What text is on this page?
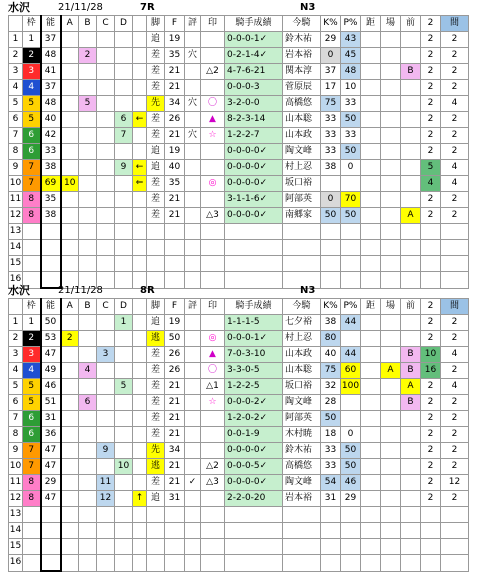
水沢	21/11/28	7R	N3
	枠	能	A	B	C	D		脚	F	評	印	騎手成績	今騎	K%	P%	距	場	前	2	間
1	1	37						追	19			0-0-0-1✓	鈴木祐	29	43				2	2
2	2	48		2				差	35	穴		0-2-1-4✓	岩本裕	0	45				2	2
3	3	41						差	21		△2	4-7-6-21	関本淳	37	48			B	2	2
4	4	37						差	21			0-0-0-3	菅原辰	17	10				2	2
5	5	48		5				先	34	穴	〇	3-2-0-0	高橋悠	75	33				2	4
6	5	40				6	←	差	26		▲	8-2-3-14	山本聡	33	50				2	2
7	6	42				7		差	21	穴	☆	1-2-2-7	山本政	33	33				2	2
8	6	33						追	19			0-0-0-0✓	陶文峰	33	50				2	2
9	7	38				9	←	追	40			0-0-0-0✓	村上忍	38	0				5	4
10	7	69	10				⇐	差	35		◎	0-0-0-0✓	坂口裕						4	4
11	8	35						差	21			3-1-1-6✓	阿部英	0	70				2	2
12	8	38						差	21		△3	0-0-0-0✓	南郷家	50	50			A	2	2
13																				
14																				
15																				
16																				
水沢	21/11/28	8R	N3
	枠	能	A	B	C	D		脚	F	評	印	騎手成績	今騎	K%	P%	距	場	前	2	間
1	1	50				1		追	19			1-1-1-5	七夕裕	38	44				2	2
2	2	53	2					逃	50		◎	0-0-0-1✓	村上忍	80					2	2
3	3	47			3			差	26		▲	7-0-3-10	山本政	40	44			B	10	4
4	4	49		4				差	26		〇	3-3-0-5	山本聡	75	60		A	B	16	2
5	5	46				5		差	21		△1	1-2-2-5	坂口裕	32	100			A	2	4
6	5	51		6				差	21		☆	0-0-0-2✓	陶文峰	28				B	2	2
7	6	31						差	21			1-2-0-2✓	阿部英	50					2	2
8	6	36						差	21			0-0-1-9	木村暁	18	0				2	2
9	7	47			9			先	34			0-0-0-0✓	鈴木祐	33	50				2	2
10	7	47				10		逃	21		△2	0-0-0-5✓	高橋悠	33	50				2	2
11	8	29			11			差	21	✓	△3	0-0-0-0✓	陶文峰	54	46				2	12
12	8	47			12		↑	追	31			2-2-0-20	岩本裕	31	29				2	2
13																				
14																				
15																				
16																				
